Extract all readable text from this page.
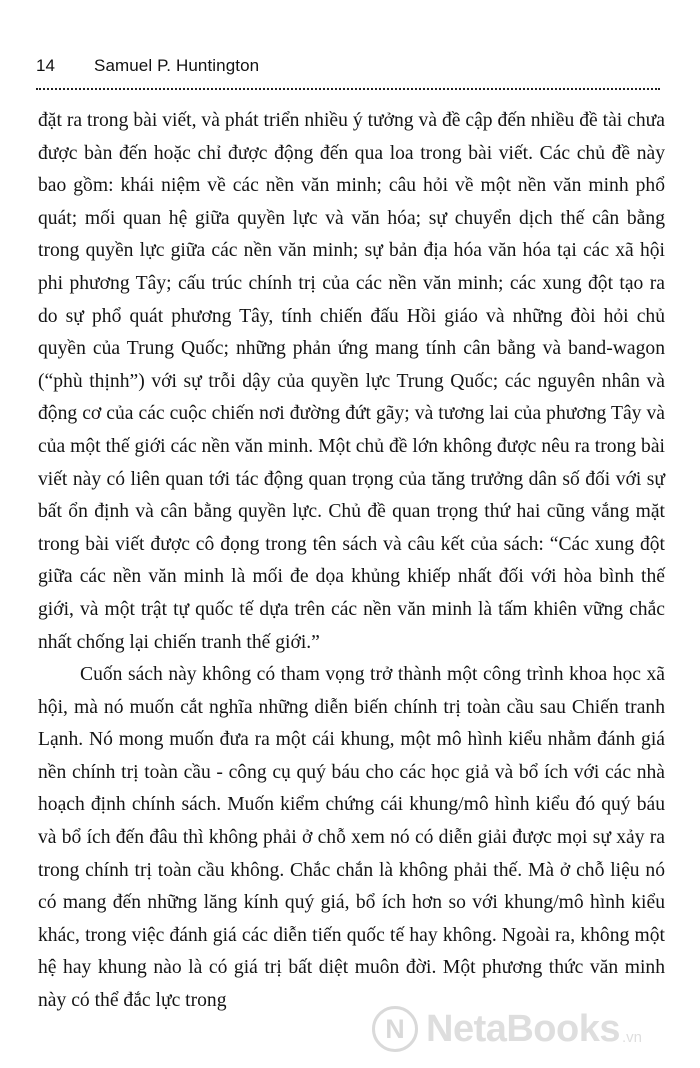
14	Samuel P. Huntington

đặt ra trong bài viết, và phát triển nhiều ý tưởng và đề cập đến nhiều đề tài chưa được bàn đến hoặc chỉ được động đến qua loa trong bài viết. Các chủ đề này bao gồm: khái niệm về các nền văn minh; câu hỏi về một nền văn minh phổ quát; mối quan hệ giữa quyền lực và văn hóa; sự chuyển dịch thế cân bằng trong quyền lực giữa các nền văn minh; sự bản địa hóa văn hóa tại các xã hội phi phương Tây; cấu trúc chính trị của các nền văn minh; các xung đột tạo ra do sự phổ quát phương Tây, tính chiến đấu Hồi giáo và những đòi hỏi chủ quyền của Trung Quốc; những phản ứng mang tính cân bằng và band-wagon (“phù thịnh”) với sự trỗi dậy của quyền lực Trung Quốc; các nguyên nhân và động cơ của các cuộc chiến nơi đường đứt gãy; và tương lai của phương Tây và của một thế giới các nền văn minh. Một chủ đề lớn không được nêu ra trong bài viết này có liên quan tới tác động quan trọng của tăng trưởng dân số đối với sự bất ổn định và cân bằng quyền lực. Chủ đề quan trọng thứ hai cũng vắng mặt trong bài viết được cô đọng trong tên sách và câu kết của sách: “Các xung đột giữa các nền văn minh là mối đe dọa khủng khiếp nhất đối với hòa bình thế giới, và một trật tự quốc tế dựa trên các nền văn minh là tấm khiên vững chắc nhất chống lại chiến tranh thế giới.”

Cuốn sách này không có tham vọng trở thành một công trình khoa học xã hội, mà nó muốn cắt nghĩa những diễn biến chính trị toàn cầu sau Chiến tranh Lạnh. Nó mong muốn đưa ra một cái khung, một mô hình kiểu nhằm đánh giá nền chính trị toàn cầu - công cụ quý báu cho các học giả và bổ ích với các nhà hoạch định chính sách. Muốn kiểm chứng cái khung/mô hình kiểu đó quý báu và bổ ích đến đâu thì không phải ở chỗ xem nó có diễn giải được mọi sự xảy ra trong chính trị toàn cầu không. Chắc chắn là không phải thế. Mà ở chỗ liệu nó có mang đến những lăng kính quý giá, bổ ích hơn so với khung/mô hình kiểu khác, trong việc đánh giá các diễn tiến quốc tế hay không. Ngoài ra, không một hệ hay khung nào là có giá trị bất diệt muôn đời. Một phương thức văn minh này có thể đắc lực trong

N NetaBooks .vn
